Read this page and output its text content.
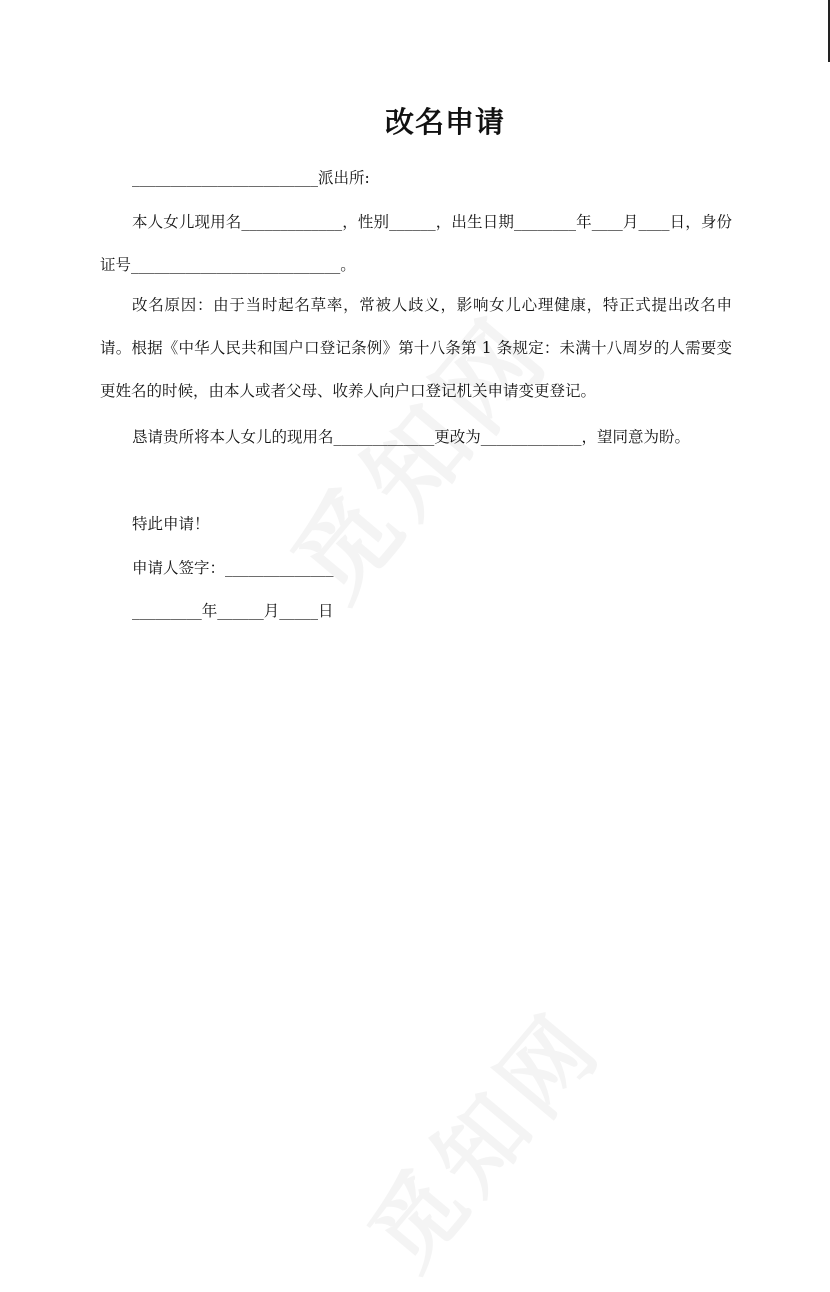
改名申请
________________________派出所:
本人女儿现用名_____________，性别______，出生日期________年____月____日，身份证号___________________________。
改名原因：由于当时起名草率，常被人歧义，影响女儿心理健康，特正式提出改名申请。根据《中华人民共和国户口登记条例》第十八条第 1 条规定：未满十八周岁的人需要变更姓名的时候，由本人或者父母、收养人向户口登记机关申请变更登记。
恳请贵所将本人女儿的现用名_____________更改为_____________，望同意为盼。
特此申请！
申请人签字：______________
_________年______月_____日
